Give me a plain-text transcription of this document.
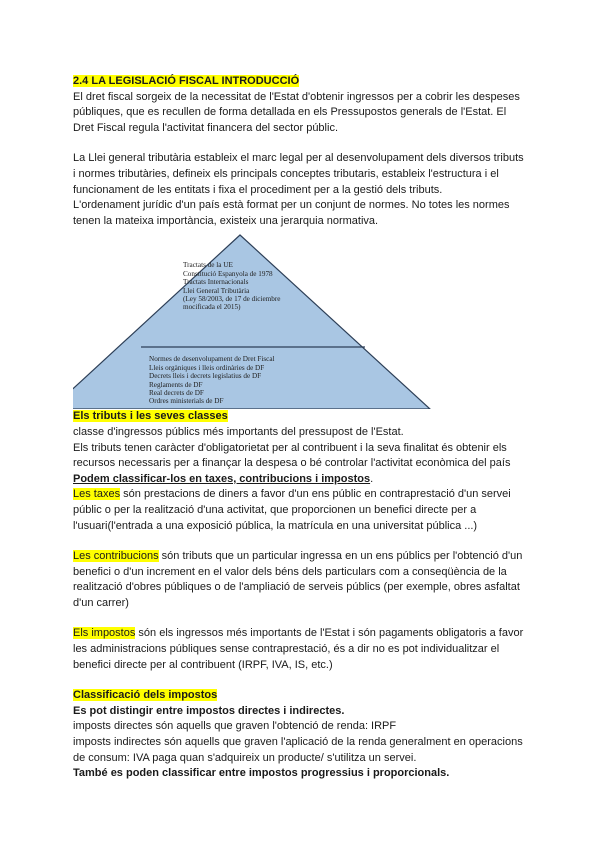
2.4 LA LEGISLACIÓ FISCAL INTRODUCCIÓ

El dret fiscal sorgeix de la necessitat de l'Estat d'obtenir ingressos per a cobrir les despeses

públiques, que es recullen de forma detallada en els Pressupostos generals de l'Estat. El

Dret Fiscal regula l'activitat financera del sector públic.

La Llei general tributària estableix el marc legal per al desenvolupament dels diversos tributs

i normes tributàries, defineix els principals conceptes tributaris, estableix l'estructura i el

funcionament de les entitats i fixa el procediment per a la gestió dels tributs.

L'ordenament jurídic d'un país està format per un conjunt de normes. No totes les normes

tenen la mateixa importància, existeix una jerarquia normativa.

Tractats de la UE
Constitució Espanyola de 1978
Tractats Internacionals
Llei General Tributària
(Ley 58/2003, de 17 de diciembre
mocificada el 2015)
Normes de desenvolupament de Dret Fiscal
Lleis orgàniques i lleis ordinàries de DF
Decrets lleis i decrets legislatius de DF
Reglaments de DF
Real decrets de DF
Ordres ministerials de DF

Els tributs i les seves classes

classe d'ingressos públics més importants del pressupost de l'Estat.

Els tributs tenen caràcter d'obligatorietat per al contribuent i la seva finalitat és obtenir els

recursos necessaris per a finançar la despesa o bé controlar l'activitat econòmica del país

Podem classificar-los en taxes, contribucions i impostos.

Les taxes són prestacions de diners a favor d'un ens públic en contraprestació d'un servei

públic o per la realització d'una activitat, que proporcionen un benefici directe per a

l'usuari(l'entrada a una exposició pública, la matrícula en una universitat pública ...)

Les contribucions són tributs que un particular ingressa en un ens públics per l'obtenció d'un

benefici o d'un increment en el valor dels béns dels particulars com a conseqüència de la

realització d'obres públiques o de l'ampliació de serveis públics (per exemple, obres asfaltat

d'un carrer)

Els impostos són els ingressos més importants de l'Estat i són pagaments obligatoris a favor

les administracions públiques sense contraprestació, és a dir no es pot individualitzar el

benefici directe per al contribuent (IRPF, IVA, IS, etc.)

Classificació dels impostos

Es pot distingir entre impostos directes i indirectes.

imposts directes són aquells que graven l'obtenció de renda: IRPF

imposts indirectes són aquells que graven l'aplicació de la renda generalment en operacions

de consum: IVA paga quan s'adquireix un producte/ s'utilitza un servei.

També es poden classificar entre impostos progressius i proporcionals.
